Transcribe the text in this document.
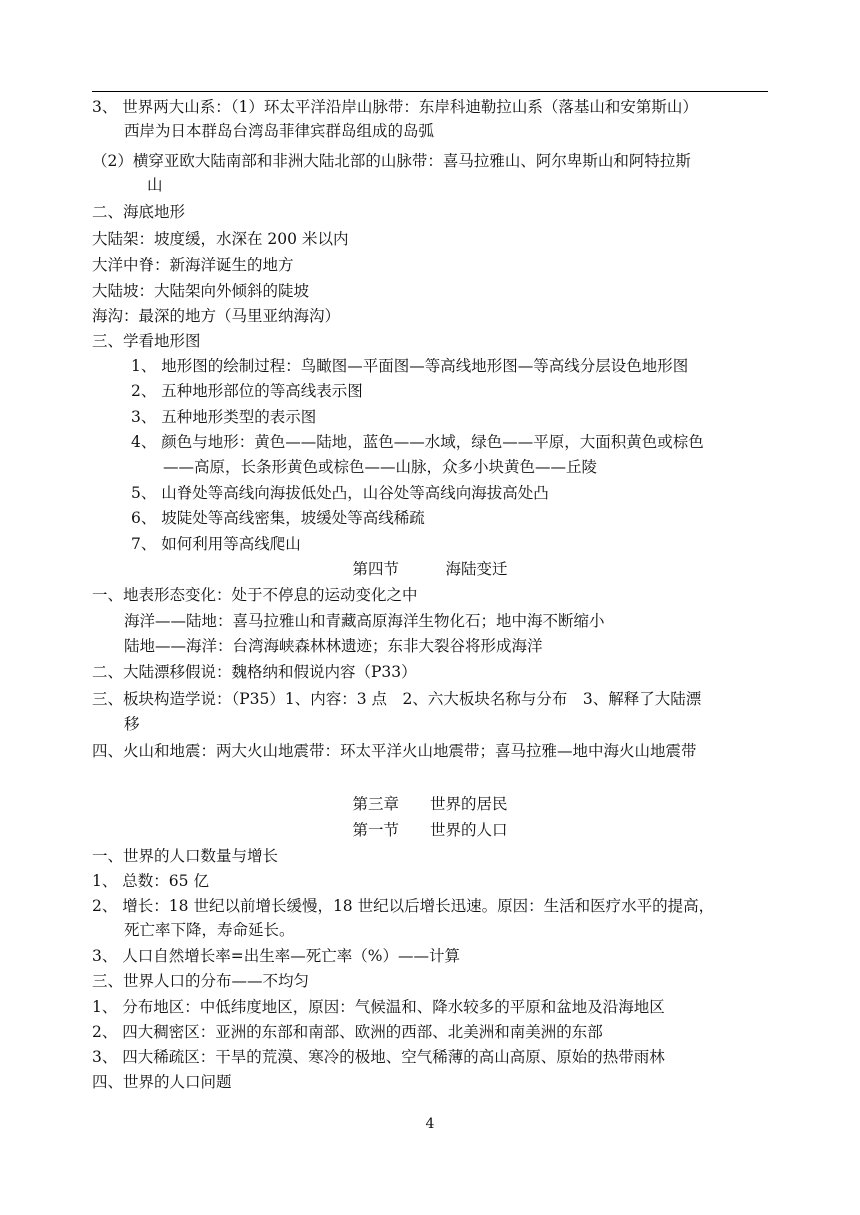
3、 世界两大山系：（1）环太平洋沿岸山脉带：东岸科迪勒拉山系（落基山和安第斯山）
西岸为日本群岛台湾岛菲律宾群岛组成的岛弧
（2）横穿亚欧大陆南部和非洲大陆北部的山脉带：喜马拉雅山、阿尔卑斯山和阿特拉斯
山
二、海底地形
大陆架：坡度缓，水深在 200 米以内
大洋中脊：新海洋诞生的地方
大陆坡：大陆架向外倾斜的陡坡
海沟：最深的地方（马里亚纳海沟）
三、学看地形图
1、 地形图的绘制过程：鸟瞰图—平面图—等高线地形图—等高线分层设色地形图
2、 五种地形部位的等高线表示图
3、 五种地形类型的表示图
4、 颜色与地形：黄色——陆地，蓝色——水域，绿色——平原，大面积黄色或棕色
——高原，长条形黄色或棕色——山脉，众多小块黄色——丘陵
5、 山脊处等高线向海拔低处凸，山谷处等高线向海拔高处凸
6、 坡陡处等高线密集，坡缓处等高线稀疏
7、 如何利用等高线爬山
第四节　　　海陆变迁
一、地表形态变化：处于不停息的运动变化之中
海洋——陆地：喜马拉雅山和青藏高原海洋生物化石；地中海不断缩小
陆地——海洋：台湾海峡森林林遗迹；东非大裂谷将形成海洋
二、大陆漂移假说：魏格纳和假说内容（P33）
三、板块构造学说：（P35）1、内容：3 点　2、六大板块名称与分布　3、解释了大陆漂
移
四、火山和地震：两大火山地震带：环太平洋火山地震带；喜马拉雅—地中海火山地震带
第三章　　世界的居民
第一节　　世界的人口
一、世界的人口数量与增长
1、 总数：65 亿
2、 增长：18 世纪以前增长缓慢，18 世纪以后增长迅速。原因：生活和医疗水平的提高，
死亡率下降，寿命延长。
3、 人口自然增长率=出生率—死亡率（%）——计算
三、世界人口的分布——不均匀
1、 分布地区：中低纬度地区，原因：气候温和、降水较多的平原和盆地及沿海地区
2、 四大稠密区：亚洲的东部和南部、欧洲的西部、北美洲和南美洲的东部
3、 四大稀疏区：干旱的荒漠、寒冷的极地、空气稀薄的高山高原、原始的热带雨林
四、世界的人口问题
4
